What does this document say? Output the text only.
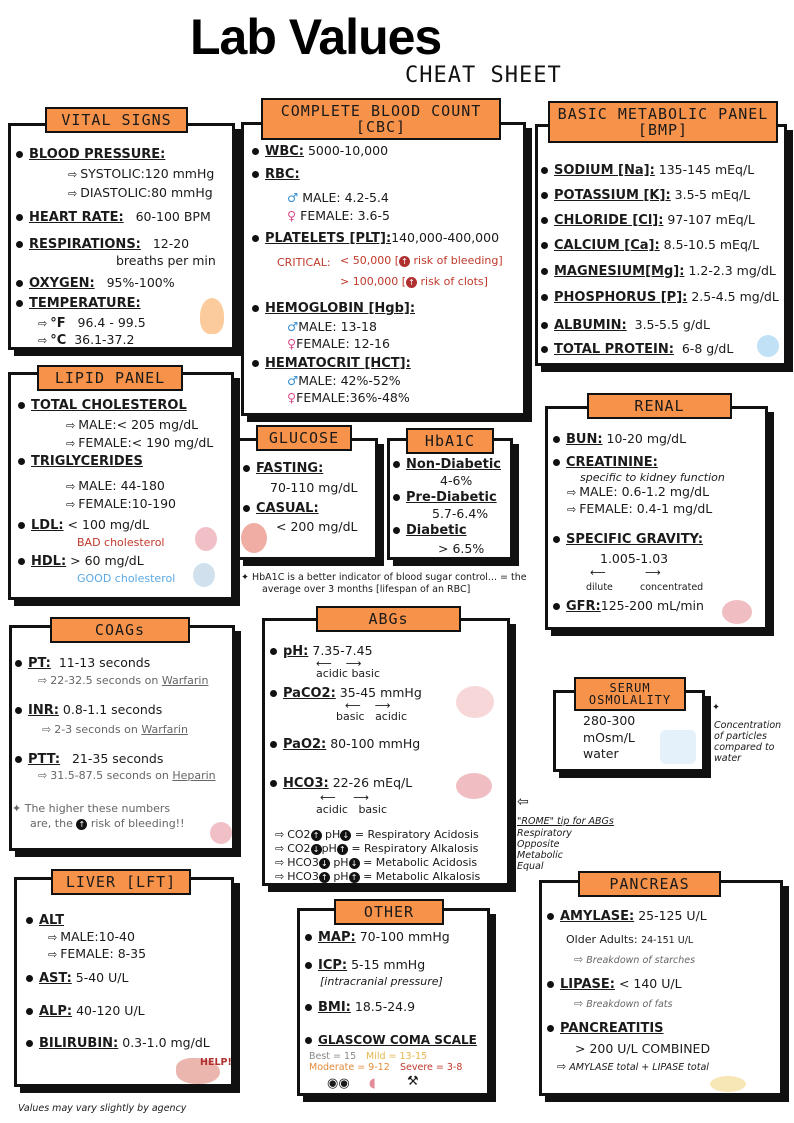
Lab Values
CHEAT SHEET
VITAL SIGNS
BLOOD PRESSURE:
⇨ SYSTOLIC:120 mmHg
⇨ DIASTOLIC:80 mmHg
HEART RATE: 60-100 BPM
RESPIRATIONS: 12-20
breaths per min
OXYGEN: 95%-100%
TEMPERATURE:
⇨ °F 96.4 - 99.5
⇨ °C 36.1-37.2
COMPLETE BLOOD COUNT
[CBC]
WBC: 5000-10,000
RBC:
♂ MALE: 4.2-5.4
♀ FEMALE: 3.6-5
PLATELETS [PLT]:140,000-400,000
CRITICAL: < 50,000 [ ↑ risk of bleeding]
> 100,000 [ ↑ risk of clots]
HEMOGLOBIN [Hgb]:
♂MALE: 13-18
♀FEMALE: 12-16
HEMATOCRIT [HCT]:
♂MALE: 42%-52%
♀FEMALE:36%-48%
BASIC METABOLIC PANEL
[BMP]
SODIUM [Na]: 135-145 mEq/L
POTASSIUM [K]: 3.5-5 mEq/L
CHLORIDE [Cl]: 97-107 mEq/L
CALCIUM [Ca]: 8.5-10.5 mEq/L
MAGNESIUM[Mg]: 1.2-2.3 mg/dL
PHOSPHORUS [P]: 2.5-4.5 mg/dL
ALBUMIN: 3.5-5.5 g/dL
TOTAL PROTEIN: 6-8 g/dL
LIPID PANEL
TOTAL CHOLESTEROL
⇨ MALE:< 205 mg/dL
⇨ FEMALE:< 190 mg/dL
TRIGLYCERIDES
⇨ MALE: 44-180
⇨ FEMALE:10-190
LDL: < 100 mg/dL
BAD cholesterol
HDL: > 60 mg/dL
GOOD cholesterol
GLUCOSE
FASTING:
70-110 mg/dL
CASUAL:
< 200 mg/dL
HbA1C
Non-Diabetic
4-6%
Pre-Diabetic
5.7-6.4%
Diabetic
> 6.5%
✦ HbA1C is a better indicator of blood sugar control... = the
average over 3 months [lifespan of an RBC]
RENAL
BUN: 10-20 mg/dL
CREATININE:
specific to kidney function
⇨ MALE: 0.6-1.2 mg/dL
⇨ FEMALE: 0.4-1 mg/dL
SPECIFIC GRAVITY:
1.005-1.03
⟵	⟶
dilute	concentrated
GFR:125-200 mL/min
COAGs
PT: 11-13 seconds
⇨ 22-32.5 seconds on Warfarin
INR: 0.8-1.1 seconds
⇨ 2-3 seconds on Warfarin
PTT: 21-35 seconds
⇨ 31.5-87.5 seconds on Heparin
✦ The higher these numbers
are, the ↑ risk of bleeding!!
ABGs
pH: 7.35-7.45
⟵    ⟶
acidic basic
PaCO2: 35-45 mmHg
⟵    ⟶
basic acidic
PaO2: 80-100 mmHg
HCO3: 22-26 mEq/L
⟵     ⟶
acidic basic
⇨ CO2 ↑ pH ↓ = Respiratory Acidosis
⇨ CO2 ↓ pH ↑ = Respiratory Alkalosis
⇨ HCO3 ↓ pH ↓ = Metabolic Acidosis
⇨ HCO3 ↑ pH ↑ = Metabolic Alkalosis
⇦
"ROME" tip for ABGs
Respiratory
Opposite
Metabolic
Equal
SERUM
OSMOLALITY
280-300
mOsm/L
water
✦
Concentration
of particles
compared to
water
LIVER [LFT]
ALT
⇨ MALE:10-40
⇨ FEMALE: 8-35
AST: 5-40 U/L
ALP: 40-120 U/L
BILIRUBIN: 0.3-1.0 mg/dL
HELP!
OTHER
MAP: 70-100 mmHg
ICP: 5-15 mmHg
[intracranial pressure]
BMI: 18.5-24.9
GLASCOW COMA SCALE
Best = 15 Mild = 13-15
Moderate = 9-12 Severe = 3-8
◉◉ ◖ ⚒
PANCREAS
AMYLASE: 25-125 U/L
Older Adults: 24-151 U/L
⇨ Breakdown of starches
LIPASE: < 140 U/L
⇨ Breakdown of fats
PANCREATITIS
> 200 U/L COMBINED
⇨ AMYLASE total + LIPASE total
Values may vary slightly by agency
